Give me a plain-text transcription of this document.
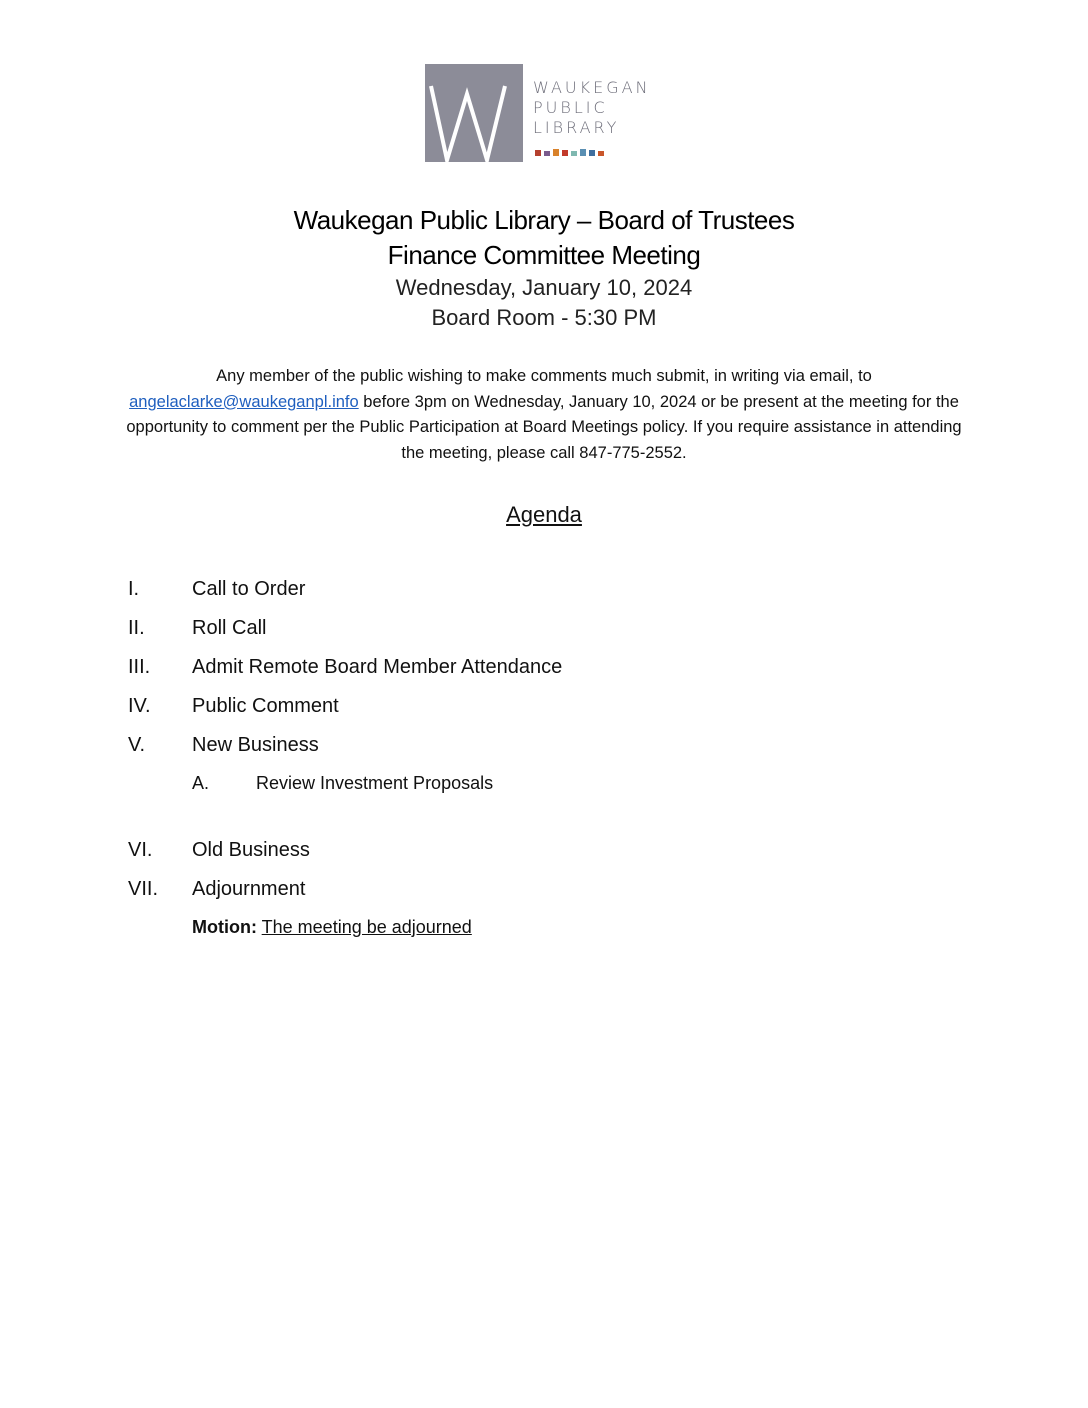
WAUKEGAN
PUBLIC
LIBRARY
Waukegan Public Library – Board of Trustees
Finance Committee Meeting
Wednesday, January 10, 2024
Board Room - 5:30 PM
Any member of the public wishing to make comments much submit, in writing via email, to
angelaclarke@waukeganpl.info before 3pm on Wednesday, January 10, 2024 or be present at the meeting for the opportunity to comment per the Public Participation at Board Meetings policy. If you require assistance in attending the meeting, please call 847-775-2552.
Agenda
I.	Call to Order
II.	Roll Call
III.	Admit Remote Board Member Attendance
IV.	Public Comment
V.	New Business
A.	Review Investment Proposals
VI.	Old Business
VII.	Adjournment
Motion: The meeting be adjourned
